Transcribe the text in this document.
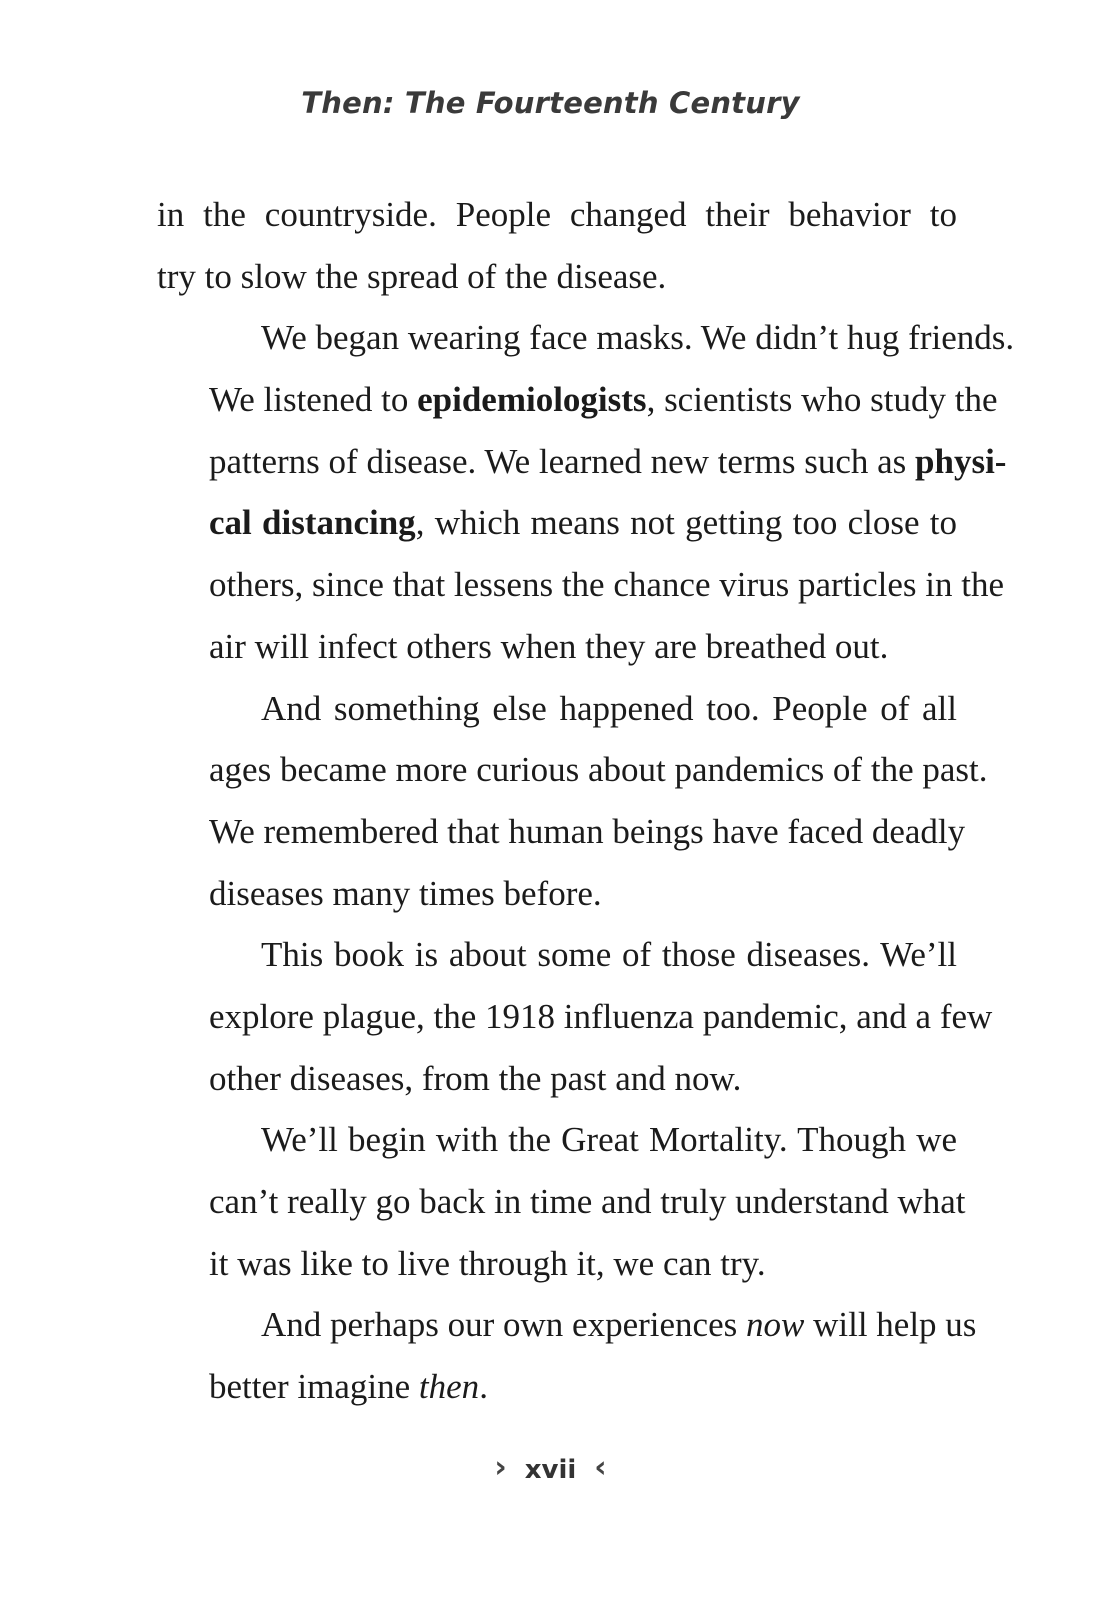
Then: The Fourteenth Century
in the countryside. People changed their behavior to
try to slow the spread of the disease.
We began wearing face masks. We didn’t hug friends.
We listened to epidemiologists, scientists who study the
patterns of disease. We learned new terms such as physi-
cal distancing, which means not getting too close to
others, since that lessens the chance virus particles in the
air will infect others when they are breathed out.
And something else happened too. People of all
ages became more curious about pandemics of the past.
We remembered that human beings have faced deadly
diseases many times before.
This book is about some of those diseases. We’ll
explore plague, the 1918 influenza pandemic, and a few
other diseases, from the past and now.
We’ll begin with the Great Mortality. Though we
can’t really go back in time and truly understand what
it was like to live through it, we can try.
And perhaps our own experiences now will help us
better imagine then.
› xvii ‹
